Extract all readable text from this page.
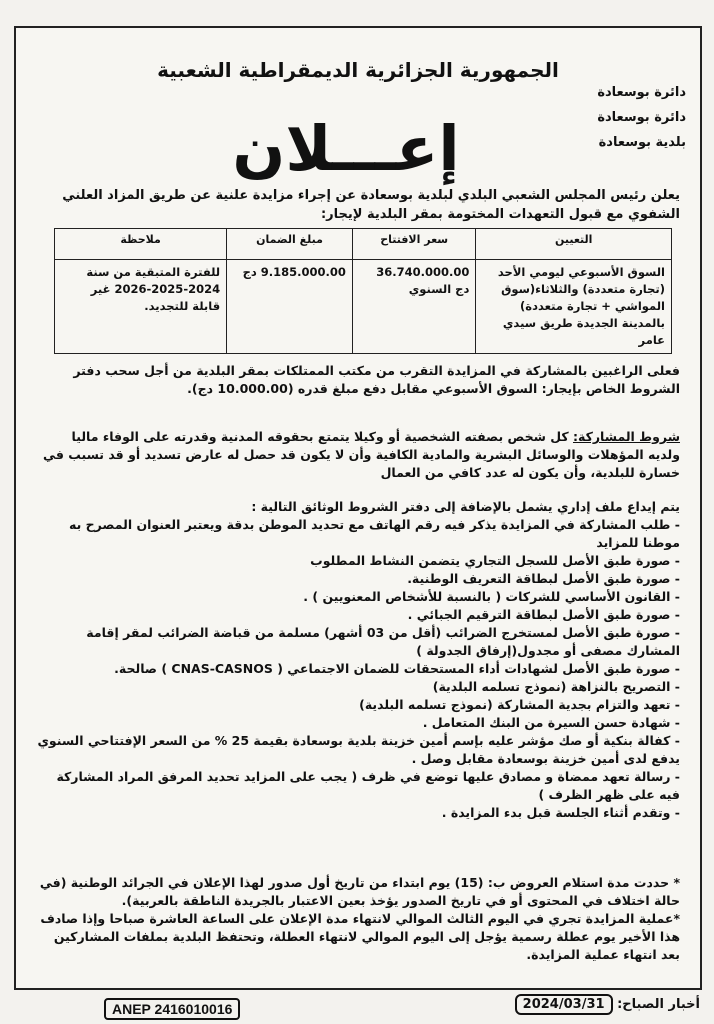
الجمهورية الجزائرية الديمقراطية الشعبية
دائرة بوسعادة
دائرة بوسعادة
بلدية بوسعادة
إعـــلان
يعلن رئيس المجلس الشعبي البلدي لبلدية بوسعادة عن إجراء مزايدة علنية عن طريق المزاد العلني الشفوي مع قبول التعهدات المختومة بمقر البلدية لإيجار:
التعيين	سعر الافتتاح	مبلغ الضمان	ملاحظة
السوق الأسبوعي ليومي الأحد (تجارة متعددة) والثلاثاء(سوق المواشي + تجارة متعددة) بالمدينة الجديدة طريق سيدي عامر	36.740.000.00 دج السنوي	9.185.000.00 دج	للفترة المتبقية من سنة 2024-2025-2026 غير قابلة للتجديد.
فعلى الراغبين بالمشاركة في المزايدة التقرب من مكتب الممتلكات بمقر البلدية من أجل سحب دفتر الشروط الخاص بإيجار: السوق الأسبوعي مقابل دفع مبلغ قدره (10.000.00 دج).
شروط المشاركة: كل شخص بصفته الشخصية أو وكيلا يتمتع بحقوقه المدنية وقدرته على الوفاء ماليا ولديه المؤهلات والوسائل البشرية والمادية الكافية وأن لا يكون قد حصل له عارض تسديد أو قد تسبب في خسارة للبلدية، وأن يكون له عدد كافي من العمال
يتم إيداع ملف إداري يشمل بالإضافة إلى دفتر الشروط الوثائق التالية :
- طلب المشاركة في المزايدة يذكر فيه رقم الهاتف مع تحديد الموطن بدقة ويعتبر العنوان المصرح به موطنا للمزايد
- صورة طبق الأصل للسجل التجاري يتضمن النشاط المطلوب
- صورة طبق الأصل لبطاقة التعريف الوطنية.
- القانون الأساسي للشركات ( بالنسبة للأشخاص المعنويين ) .
- صورة طبق الأصل لبطاقة الترقيم الجبائي .
- صورة طبق الأصل لمستخرج الضرائب (أقل من 03 أشهر) مسلمة من قباضة الضرائب لمقر إقامة المشارك مصفى أو مجدول(إرفاق الجدولة )
- صورة طبق الأصل لشهادات أداء المستحقات للضمان الاجتماعي ( CNAS-CASNOS ) صالحة.
- التصريح بالنزاهة (نموذج تسلمه البلدية)
- تعهد والتزام بجدية المشاركة (نموذج تسلمه البلدية)
- شهادة حسن السيرة من البنك المتعامل .
- كفالة بنكية أو صك مؤشر عليه بإسم أمين خزينة بلدية بوسعادة بقيمة 25 % من السعر الإفتتاحي السنوي يدفع لدى أمين خزينة بوسعادة مقابل وصل .
- رسالة تعهد ممضاة و مصادق عليها توضع في ظرف ( يجب على المزايد تحديد المرفق المراد المشاركة فيه على ظهر الظرف )
- وتقدم أثناء الجلسة قبل بدء المزايدة .
* حددت مدة استلام العروض ب: (15) يوم ابتداء من تاريخ أول صدور لهذا الإعلان في الجرائد الوطنية (في حالة اختلاف في المحتوى أو في تاريخ الصدور يؤخذ بعين الاعتبار بالجريدة الناطقة بالعربية).
*عملية المزايدة تجري في اليوم الثالث الموالي لانتهاء مدة الإعلان على الساعة العاشرة صباحا وإذا صادف هذا الأخير يوم عطلة رسمية يؤجل إلى اليوم الموالي لانتهاء العطلة، وتحتفظ البلدية بملفات المشاركين بعد انتهاء عملية المزايدة.
أخبار الصباح: 2024/03/31
ANEP 2416010016
